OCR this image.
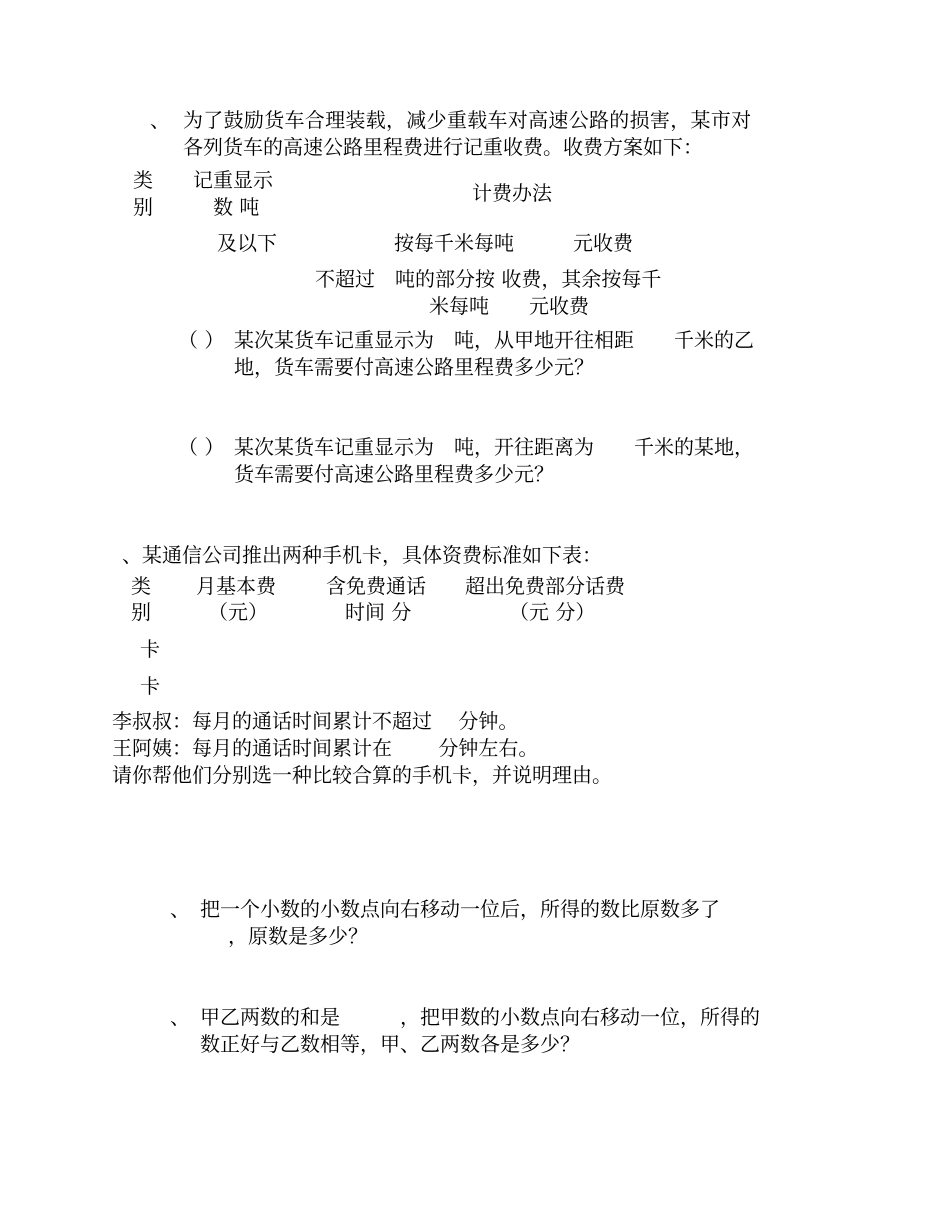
、 为了鼓励货车合理装载，减少重载车对高速公路的损害，某市对
各列货车的高速公路里程费进行记重收费。收费方案如下：
类
别
记重显示
数 吨
计费办法
及以下	按每千米每吨	元收费
不超过　吨的部分按 收费，其余按每千
米每吨　　元收费
（ ） 某次某货车记重显示为　吨，从甲地开往相距　　千米的乙
地，货车需要付高速公路里程费多少元？
（ ） 某次某货车记重显示为　吨，开往距离为　　千米的某地，
货车需要付高速公路里程费多少元？
、某通信公司推出两种手机卡，具体资费标准如下表：
类
别
月基本费
（元）
含免费通话
时间 分
超出免费部分话费
（元 分）
卡
卡
李叔叔：每月的通话时间累计不超过　 分钟。
王阿姨：每月的通话时间累计在　　 分钟左右。
请你帮他们分别选一种比较合算的手机卡，并说明理由。
、 把一个小数的小数点向右移动一位后，所得的数比原数多了
，原数是多少？
、 甲乙两数的和是　　　，把甲数的小数点向右移动一位，所得的
数正好与乙数相等，甲、乙两数各是多少？
